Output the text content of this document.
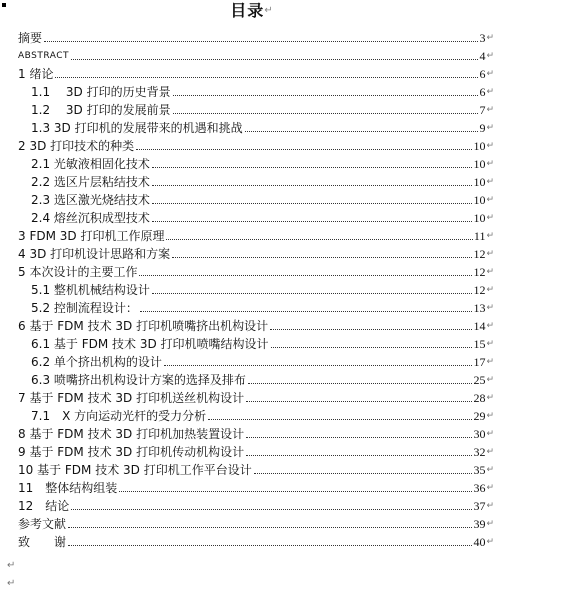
目录↵
摘要	3 ↵
ABSTRACT	4 ↵
1 绪论	6 ↵
1.1　 3D 打印的历史背景	6 ↵
1.2　 3D 打印的发展前景	7 ↵
1.3 3D 打印机的发展带来的机遇和挑战	9 ↵
2 3D 打印技术的种类	10 ↵
2.1 光敏液相固化技术	10 ↵
2.2 选区片层粘结技术	10 ↵
2.3 选区激光烧结技术	10 ↵
2.4 熔丝沉积成型技术	10 ↵
3 FDM 3D 打印机工作原理	11 ↵
4 3D 打印机设计思路和方案	12 ↵
5 本次设计的主要工作	12 ↵
5.1 整机机械结构设计	12 ↵
5.2 控制流程设计：	13 ↵
6 基于 FDM 技术 3D 打印机喷嘴挤出机构设计	14 ↵
6.1 基于 FDM 技术 3D 打印机喷嘴结构设计	15 ↵
6.2 单个挤出机构的设计	17 ↵
6.3 喷嘴挤出机构设计方案的选择及排布	25 ↵
7 基于 FDM 技术 3D 打印机送丝机构设计	28 ↵
7.1　X 方向运动光杆的受力分析	29 ↵
8 基于 FDM 技术 3D 打印机加热装置设计	30 ↵
9 基于 FDM 技术 3D 打印机传动机构设计	32 ↵
10 基于 FDM 技术 3D 打印机工作平台设计	35 ↵
11　整体结构组装	36 ↵
12　结论	37 ↵
参考文献	39 ↵
致　　谢	40 ↵
↵
↵
